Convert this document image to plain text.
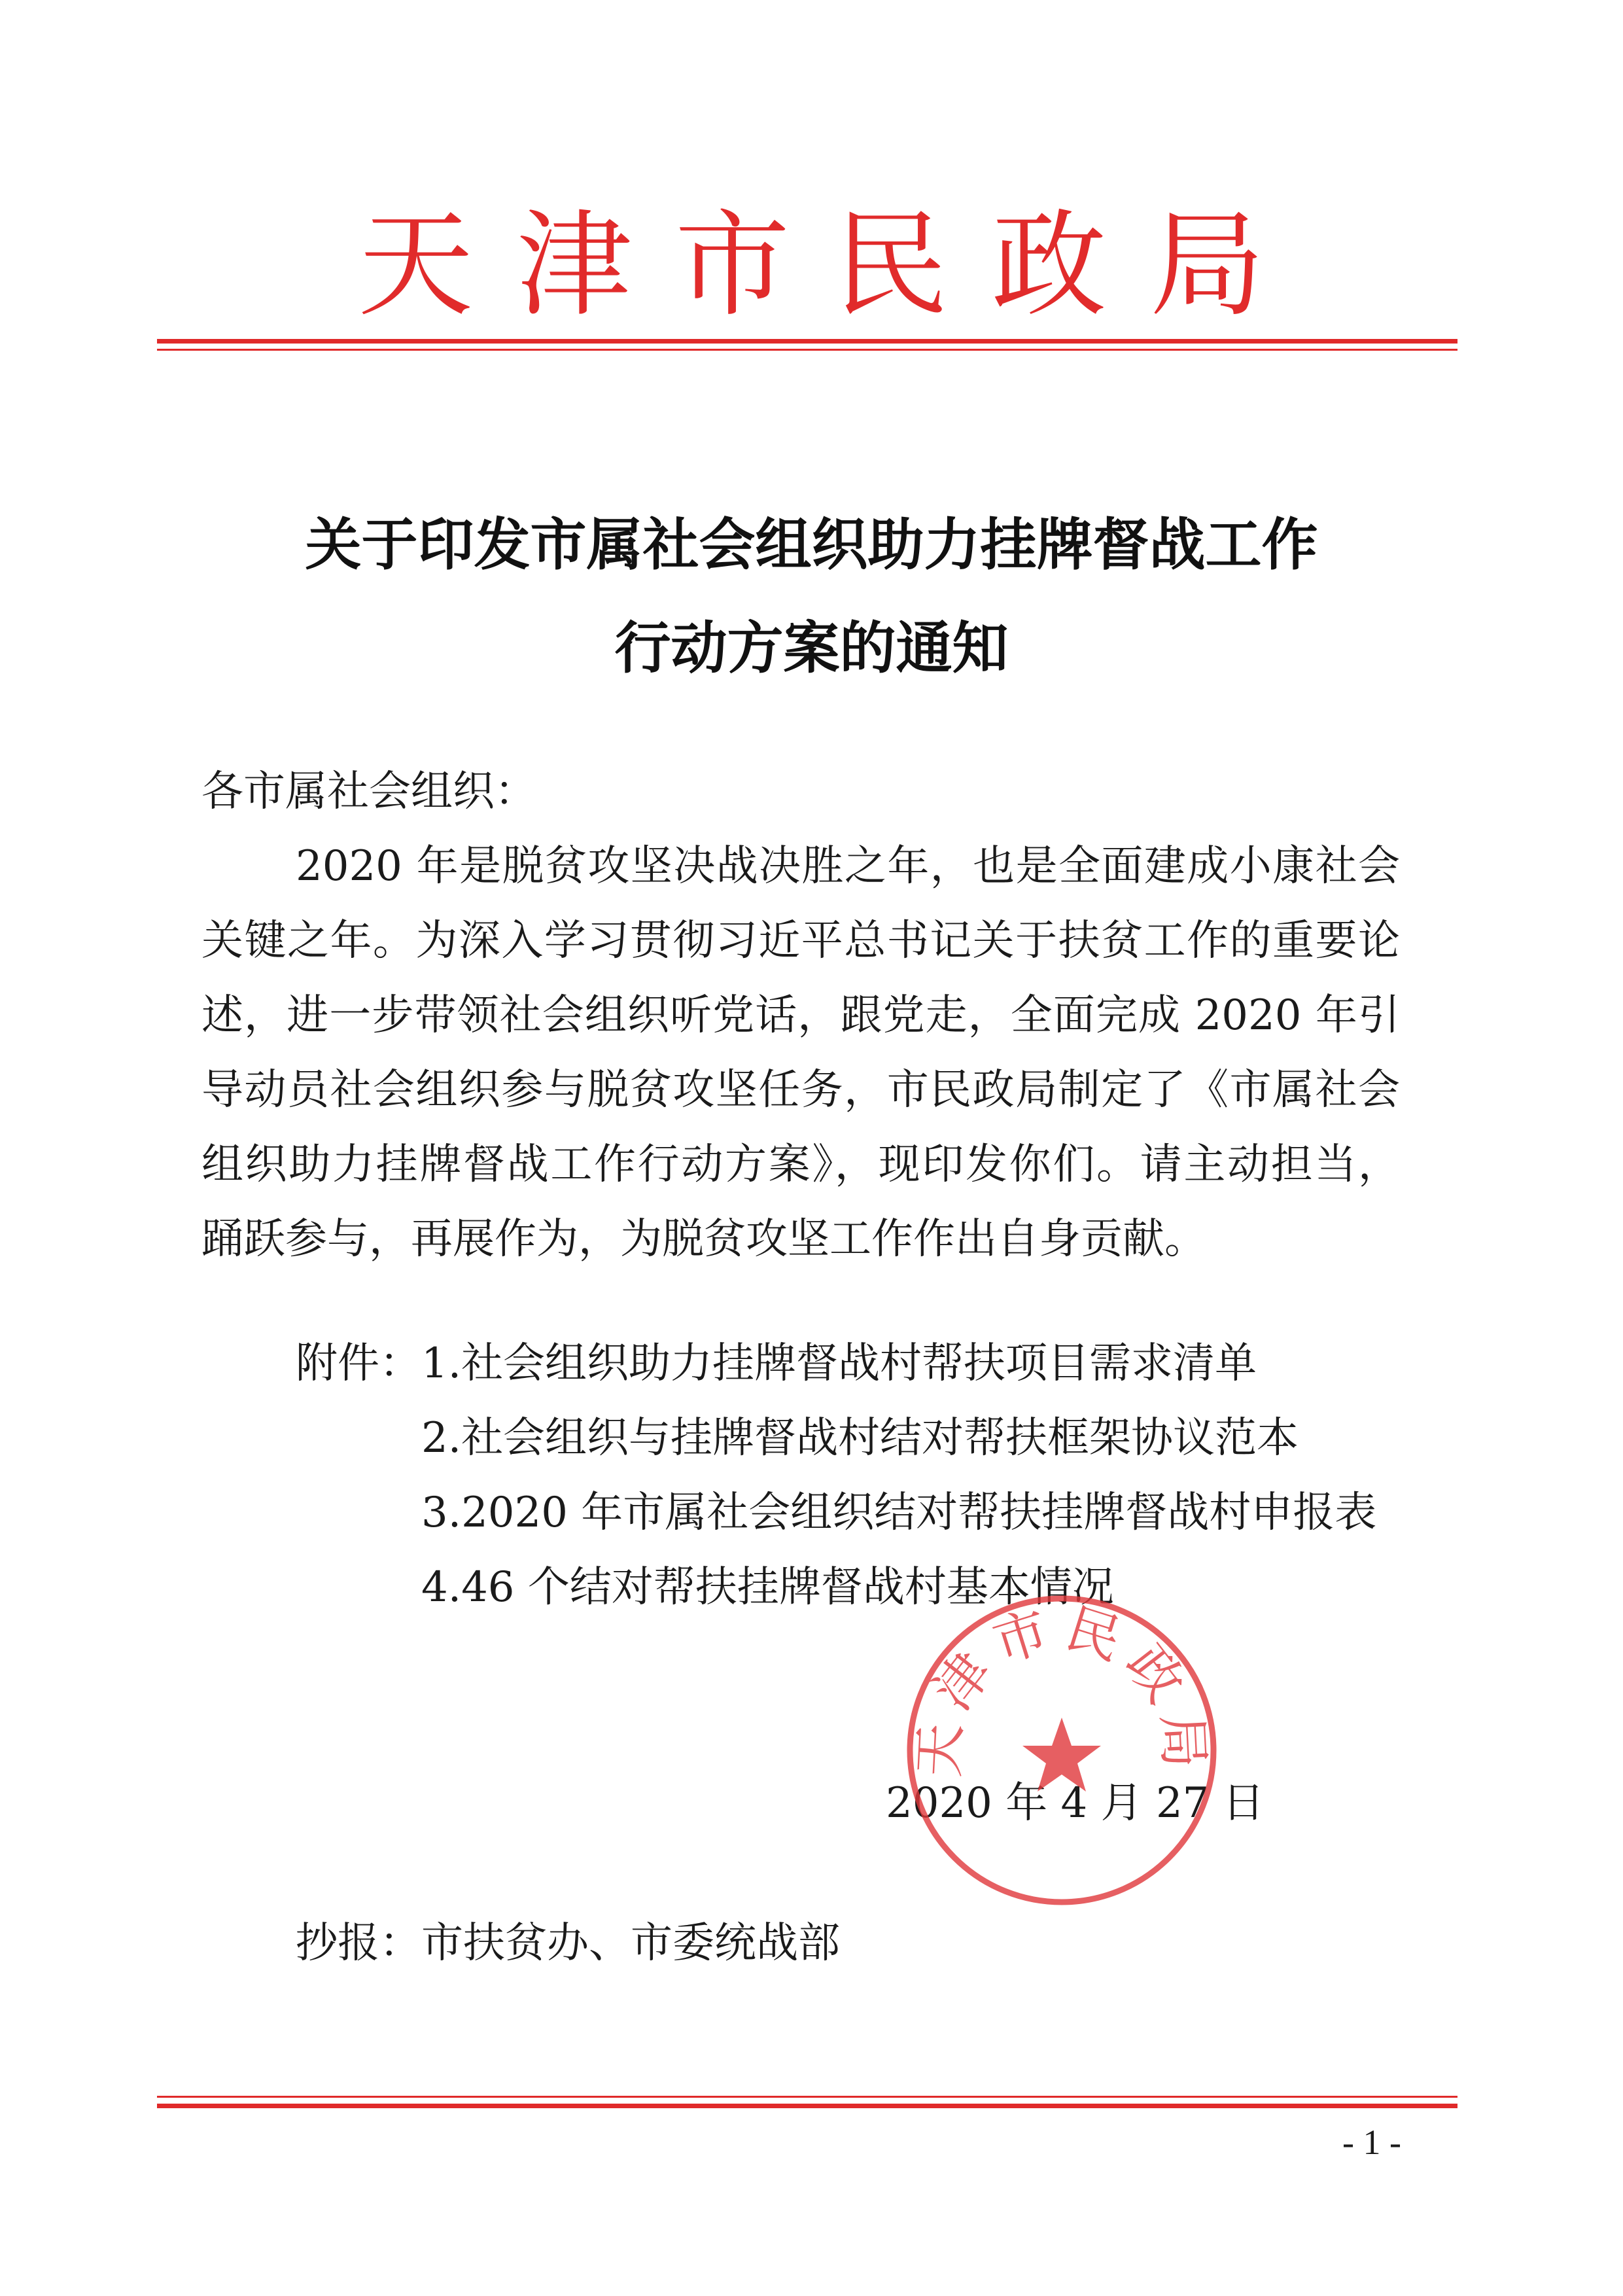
天津市民政局
关于印发市属社会组织助力挂牌督战工作
行动方案的通知
各市属社会组织：
2020 年是脱贫攻坚决战决胜之年，也是全面建成小康社会
关键之年。为深入学习贯彻习近平总书记关于扶贫工作的重要论
述，进一步带领社会组织听党话，跟党走，全面完成 2020 年引
导动员社会组织参与脱贫攻坚任务，市民政局制定了《市属社会
组织助力挂牌督战工作行动方案》，现印发你们。请主动担当，
踊跃参与，再展作为，为脱贫攻坚工作作出自身贡献。
附件： 1.社会组织助力挂牌督战村帮扶项目需求清单
2.社会组织与挂牌督战村结对帮扶框架协议范本
3.2020 年市属社会组织结对帮扶挂牌督战村申报表
4.46 个结对帮扶挂牌督战村基本情况
2020 年 4 月 27 日
天津市民政局
抄报：市扶贫办、市委统战部
- 1 -
